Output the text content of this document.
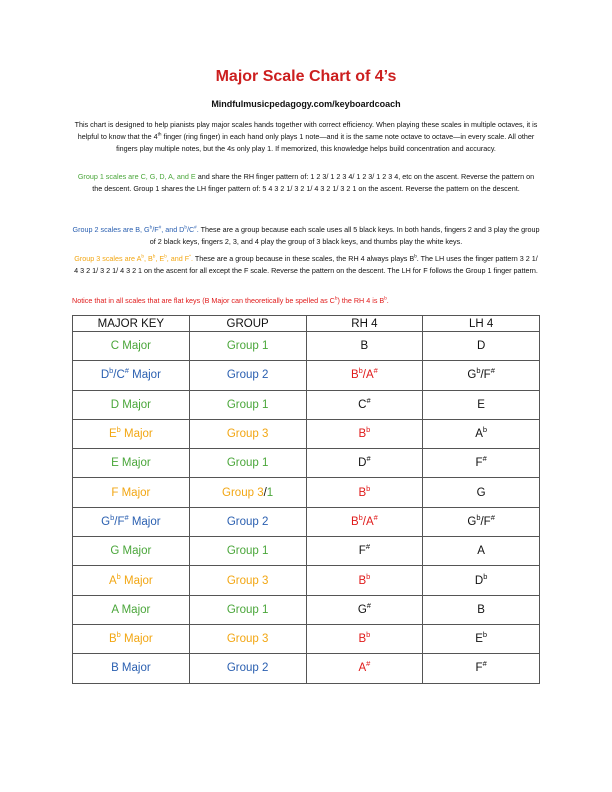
Major Scale Chart of 4’s
Mindfulmusicpedagogy.com/keyboardcoach

This chart is designed to help pianists play major scales hands together with correct efficiency. When playing these scales in multiple octaves, it is helpful to know that the 4th finger (ring finger) in each hand only plays 1 note—and it is the same note octave to octave—in every scale. All other fingers play multiple notes, but the 4s only play 1. If memorized, this knowledge helps build concentration and accuracy.

Group 1 scales are C, G, D, A, and E and share the RH finger pattern of: 1 2 3/ 1 2 3 4/ 1 2 3/ 1 2 3 4, etc on the ascent. Reverse the pattern on the descent. Group 1 shares the LH finger pattern of: 5 4 3 2 1/ 3 2 1/ 4 3 2 1/ 3 2 1 on the ascent. Reverse the pattern on the descent.

Group 2 scales are B, $G^b/F^{\#}$, and $D^b/C^{\#}$. These are a group because each scale uses all 5 black keys. In both hands, fingers 2 and 3 play the group of 2 black keys, fingers 2, 3, and 4 play the group of 3 black keys, and thumbs play the white keys.

Group 3 scales are $A^b$, $B^b$, $E^b$, and F*. These are a group because in these scales, the RH 4 always plays $B^b$. The LH uses the finger pattern 3 2 1/ 4 3 2 1/ 3 2 1/ 4 3 2 1 on the ascent for all except the F scale. Reverse the pattern on the descent. The LH for F follows the Group 1 finger pattern.

Notice that in all scales that are flat keys (B Major can theoretically be spelled as $C^b$) the RH 4 is $B^b$.

MAJOR KEY	GROUP	RH 4	LH 4
C Major	Group 1	B	D
$D^b/C^{\#}$ Major	Group 2	$B^b/A^{\#}$	$G^b/F^{\#}$
D Major	Group 1	C#	E
$E^b$ Major	Group 3	$B^b$	$A^b$
E Major	Group 1	D#	F#
F Major	Group 3/1	$B^b$	G
$G^b/F^{\#}$ Major	Group 2	$B^b/A^{\#}$	$G^b/F^{\#}$
G Major	Group 1	F#	A
$A^b$ Major	Group 3	$B^b$	$D^b$
A Major	Group 1	G#	B
$B^b$ Major	Group 3	$B^b$	$E^b$
B Major	Group 2	A#	F#
